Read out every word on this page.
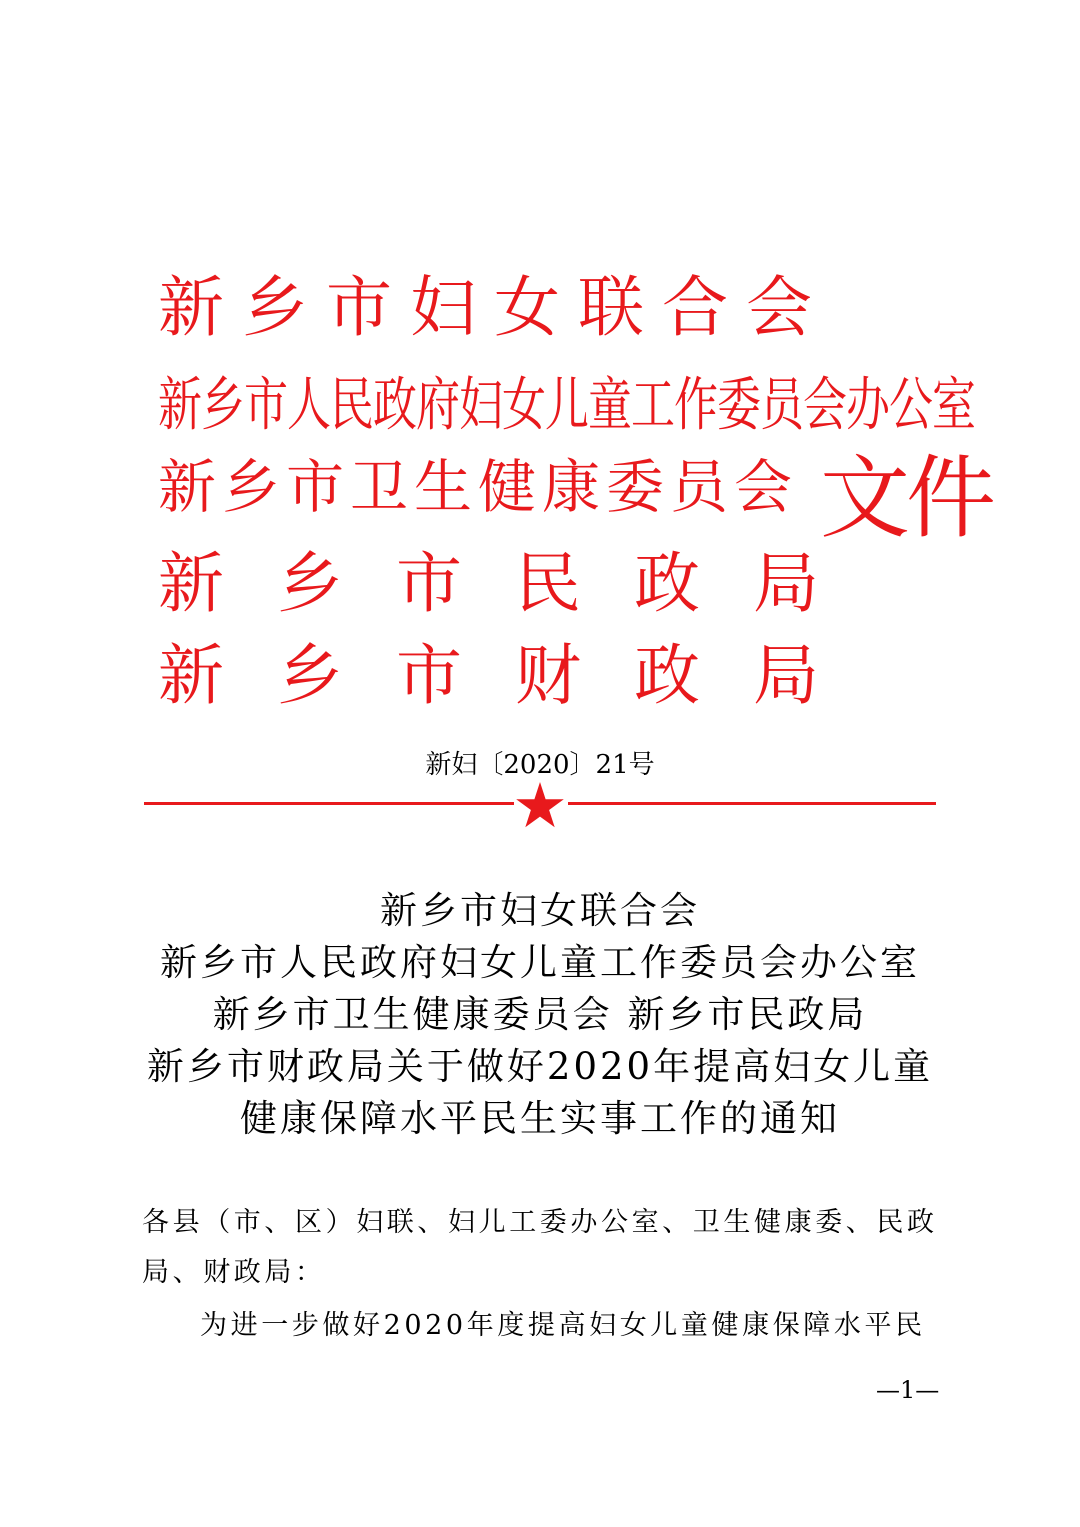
新乡市妇女联合会
新乡市人民政府妇女儿童工作委员会办公室
新乡市卫生健康委员会
新乡市民政局
新乡市财政局
文件
新妇〔2020〕21号
新乡市妇女联合会
新乡市人民政府妇女儿童工作委员会办公室
新乡市卫生健康委员会 新乡市民政局
新乡市财政局关于做好2020年提高妇女儿童
健康保障水平民生实事工作的通知
各县（市、区）妇联、妇儿工委办公室、卫生健康委、民政
局、财政局：
为进一步做好2020年度提高妇女儿童健康保障水平民
—1—
